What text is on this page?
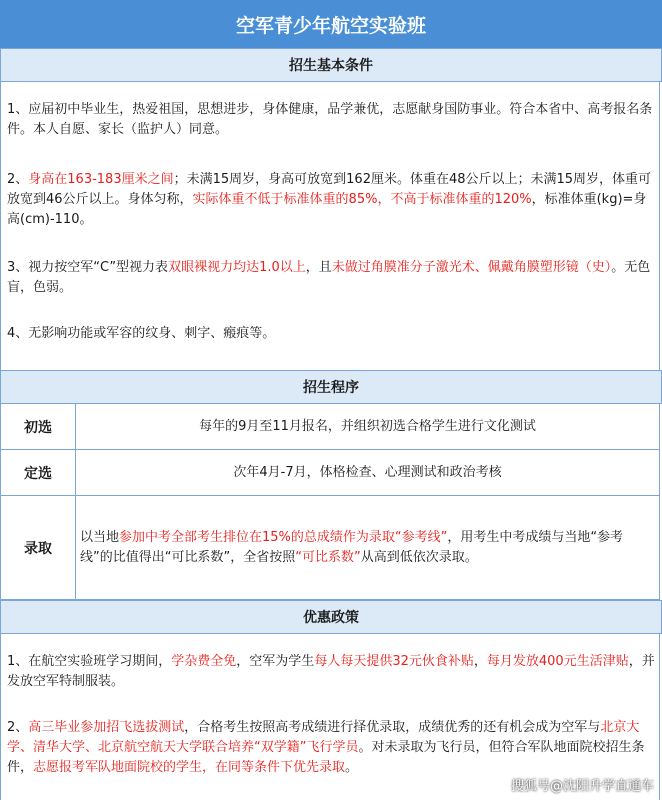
空军青少年航空实验班
招生基本条件
1、应届初中毕业生，热爱祖国，思想进步，身体健康，品学兼优，志愿献身国防事业。符合本省中、高考报名条件。本人自愿、家长（监护人）同意。
2、身高在163-183厘米之间；未满15周岁，身高可放宽到162厘米。体重在48公斤以上；未满15周岁，体重可放宽到46公斤以上。身体匀称，实际体重不低于标准体重的85%，不高于标准体重的120%，标准体重(kg)=身高(cm)-110。
3、视力按空军“C”型视力表双眼裸视力均达1.0以上，且未做过角膜准分子激光术、佩戴角膜塑形镜（史）。无色盲，色弱。
4、无影响功能或军容的纹身、刺字、瘢痕等。
招生程序
初选	每年的9月至11月报名，并组织初选合格学生进行文化测试
定选	次年4月-7月，体格检查、心理测试和政治考核
录取
以当地参加中考全部考生排位在15%的总成绩作为录取“参考线”，用考生中考成绩与当地“参考线”的比值得出“可比系数”，全省按照“可比系数”从高到低依次录取。
优惠政策
1、在航空实验班学习期间，学杂费全免，空军为学生每人每天提供32元伙食补贴，每月发放400元生活津贴，并发放空军特制服装。
2、高三毕业参加招飞选拔测试，合格考生按照高考成绩进行择优录取，成绩优秀的还有机会成为空军与北京大学、清华大学、北京航空航天大学联合培养“双学籍”飞行学员。对未录取为飞行员，但符合军队地面院校招生条件，志愿报考军队地面院校的学生，在同等条件下优先录取。
搜狐号@沈阳升学直通车
